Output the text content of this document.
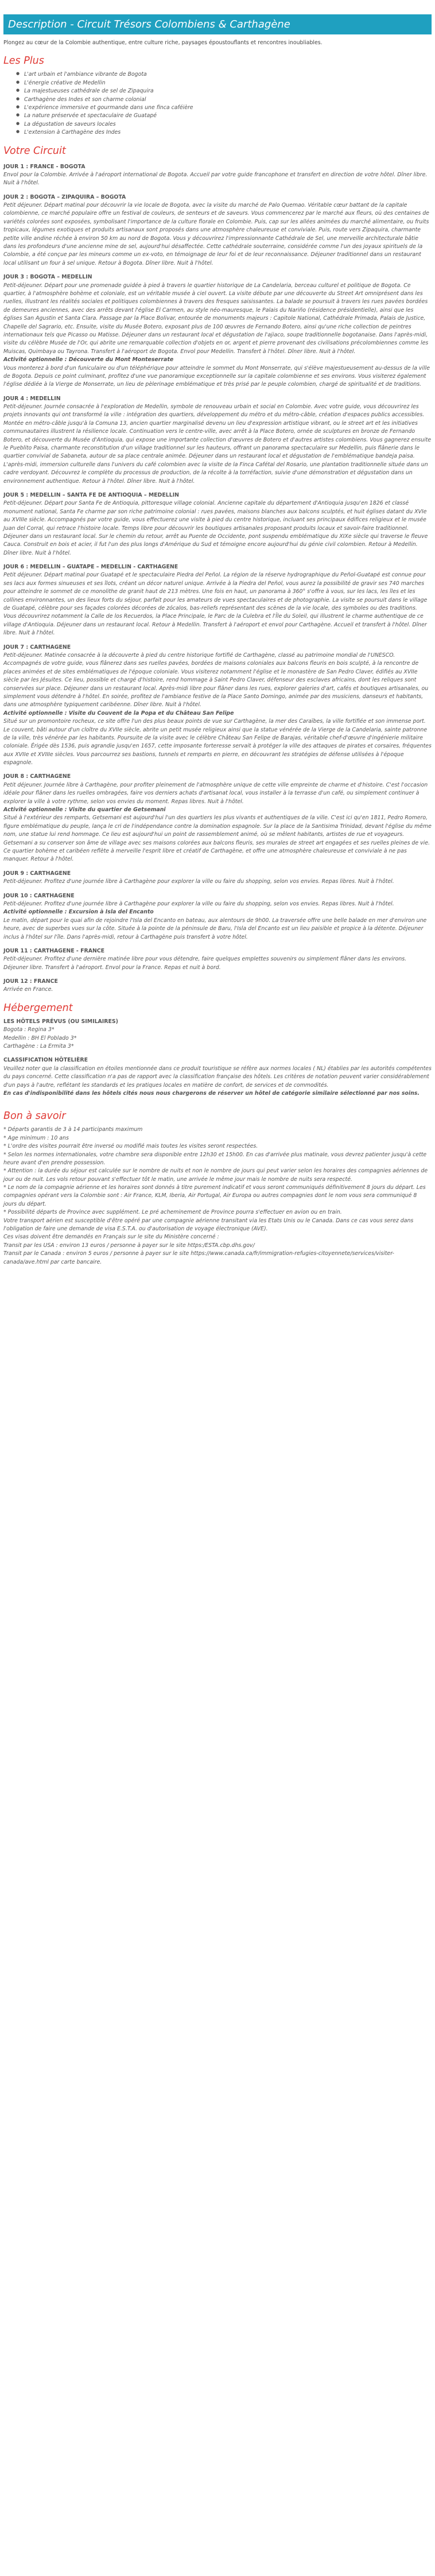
Description - Circuit Trésors Colombiens & Carthagène

Plongez au cœur de la Colombie authentique, entre culture riche, paysages époustouflants et rencontres inoubliables.

Les Plus
● L'art urbain et l'ambiance vibrante de Bogota
● L'énergie créative de Medellin
● La majestueuses cathédrale de sel de Zipaquira
● Carthagène des Indes et son charme colonial
● L'expérience immersive et gourmande dans une finca caféière
● La nature préservée et spectaculaire de Guatapé
● La dégustation de saveurs locales
● L'extension à Carthagène des Indes
Votre Circuit

JOUR 1 : FRANCE - BOGOTA

Envol pour la Colombie. Arrivée à l'aéroport international de Bogota. Accueil par votre guide francophone et transfert en direction de votre hôtel. Dîner libre. Nuit à l'hôtel.

JOUR 2 : BOGOTA – ZIPAQUIRA – BOGOTA

Petit déjeuner. Départ matinal pour découvrir la vie locale de Bogota, avec la visite du marché de Palo Quemao. Véritable cœur battant de la capitale colombienne, ce marché populaire offre un festival de couleurs, de senteurs et de saveurs. Vous commencerez par le marché aux fleurs, où des centaines de variétés colorées sont exposées, symbolisant l'importance de la culture florale en Colombie. Puis, cap sur les allées animées du marché alimentaire, ou fruits tropicaux, légumes exotiques et produits artisanaux sont proposés dans une atmosphère chaleureuse et conviviale. Puis, route vers Zipaquira, charmante petite ville andine réchée à environ 50 km au nord de Bogota. Vous y découvrirez l'impressionnante Cathédrale de Sel, une merveille architecturale bâtie dans les profondeurs d'une ancienne mine de sel, aujourd'hui désaffectée. Cette cathédrale souterraine, considérée comme l'un des joyaux spirituels de la Colombie, a été conçue par les mineurs comme un ex-voto, en témoignage de leur foi et de leur reconnaissance. Déjeuner traditionnel dans un restaurant local utilisant un four à sel unique. Retour à Bogota. Dîner libre. Nuit à l'hôtel.

JOUR 3 : BOGOTA – MEDELLIN

Petit-déjeuner. Départ pour une promenade guidée à pied à travers le quartier historique de La Candelaria, berceau culturel et politique de Bogota. Ce quartier, à l'atmosphère bohème et coloniale, est un véritable musée à ciel ouvert. La visite débute par une découverte du Street Art omniprésent dans les ruelles, illustrant les réalités sociales et politiques colombiennes à travers des fresques saisissantes. La balade se poursuit à travers les rues pavées bordées de demeures anciennes, avec des arrêts devant l'église El Carmen, au style néo-mauresque, le Palais du Nariño (résidence présidentielle), ainsi que les églises San Agustin et Santa Clara. Passage par la Place Bolivar, entourée de monuments majeurs : Capitole National, Cathédrale Primada, Palais de Justice, Chapelle del Sagrario, etc. Ensuite, visite du Musée Botero, exposant plus de 100 œuvres de Fernando Botero, ainsi qu'une riche collection de peintres internationaux tels que Picasso ou Matisse. Déjeuner dans un restaurant local et dégustation de l'ajiaco, soupe traditionnelle bogotanaise. Dans l'après-midi, visite du célèbre Musée de l'Or, qui abrite une remarquable collection d'objets en or, argent et pierre provenant des civilisations précolombiennes comme les Muiscas, Quimbaya ou Tayrona. Transfert à l'aéroport de Bogota. Envol pour Medellin. Transfert à l'hôtel. Dîner libre. Nuit à l'hôtel.

Activité optionnelle : Découverte du Mont Monteserrate

Vous monterez à bord d'un funiculaire ou d'un téléphérique pour atteindre le sommet du Mont Monserrate, qui s'élève majestueusement au-dessus de la ville de Bogota. Depuis ce point culminant, profitez d'une vue panoramique exceptionnelle sur la capitale colombienne et ses environs. Vous visiterez également l'église dédiée à la Vierge de Monserrate, un lieu de pèlerinage emblématique et très prisé par le peuple colombien, chargé de spiritualité et de traditions.

JOUR 4 : MEDELLIN

Petit-déjeuner. Journée consacrée à l'exploration de Medellin, symbole de renouveau urbain et social en Colombie. Avec votre guide, vous découvrirez les projets innovants qui ont transformé la ville : intégration des quartiers, développement du métro et du métro-câble, création d'espaces publics accessibles. Montée en métro-câble jusqu'à la Comuna 13, ancien quartier marginalisé devenu un lieu d'expression artistique vibrant, ou le street art et les initiatives communautaires illustrent la résilience locale. Continuation vers le centre-ville, avec arrêt à la Place Botero, ornée de sculptures en bronze de Fernando Botero, et découverte du Musée d'Antioquia, qui expose une importante collection d'œuvres de Botero et d'autres artistes colombiens. Vous gagnerez ensuite le Pueblito Paisa, charmante reconstitution d'un village traditionnel sur les hauteurs, offrant un panorama spectaculaire sur Medellin, puis flânerie dans le quartier convivial de Sabaneta, autour de sa place centrale animée. Déjeuner dans un restaurant local et dégustation de l'emblématique bandeja paisa. L'après-midi, immersion culturelle dans l'univers du café colombien avec la visite de la Finca Cafétal del Rosario, une plantation traditionnelle située dans un cadre verdoyant. Découvrez le complète du processus de production, de la récolte à la torréfaction, suivie d'une démonstration et dégustation dans un environnement authentique. Retour à l'hôtel. Dîner libre. Nuit à l'hôtel.

JOUR 5 : MEDELLIN – SANTA FE DE ANTIOQUIA – MEDELLIN

Petit-déjeuner. Départ pour Santa Fe de Antioquia, pittoresque village colonial. Ancienne capitale du département d'Antioquia jusqu'en 1826 et classé monument national, Santa Fe charme par son riche patrimoine colonial : rues pavées, maisons blanches aux balcons sculptés, et huit églises datant du XVIe au XVIIIe siècle. Accompagnés par votre guide, vous effectuerez une visite à pied du centre historique, incluant ses principaux édifices religieux et le musée Juan del Corral, qui retrace l'histoire locale. Temps libre pour découvrir les boutiques artisanales proposant produits locaux et savoir-faire traditionnel. Déjeuner dans un restaurant local. Sur le chemin du retour, arrêt au Puente de Occidente, pont suspendu emblématique du XIXe siècle qui traverse le fleuve Cauca. Construit en bois et acier, il fut l'un des plus longs d'Amérique du Sud et témoigne encore aujourd'hui du génie civil colombien. Retour à Medellin. Dîner libre. Nuit à l'hôtel.

JOUR 6 : MEDELLIN – GUATAPE – MEDELLIN - CARTHAGENE

Petit déjeuner. Départ matinal pour Guatapé et le spectaculaire Piedra del Peñol. La région de la réserve hydrographique du Peñol-Guatapé est connue pour ses lacs aux formes sinueuses et ses îlots, créant un décor naturel unique. Arrivée à la Piedra del Peñol, vous aurez la possibilité de gravir ses 740 marches pour atteindre le sommet de ce monolithe de granit haut de 213 mètres. Une fois en haut, un panorama à 360° s'offre à vous, sur les lacs, les îles et les collines environnantes, un des lieux forts du séjour, parfait pour les amateurs de vues spectaculaires et de photographie. La visite se poursuit dans le village de Guatapé, célèbre pour ses façades colorées décorées de zócalos, bas-reliefs représentant des scènes de la vie locale, des symboles ou des traditions. Vous découvrirez notamment la Calle de los Recuerdos, la Place Principale, le Parc de la Culebra et l'Île du Soleil, qui illustrent le charme authentique de ce village d'Antioquia. Déjeuner dans un restaurant local. Retour à Medellin. Transfert à l'aéroport et envol pour Carthagène. Accueil et transfert à l'hôtel. Dîner libre. Nuit à l'hôtel.

JOUR 7 : CARTHAGENE

Petit-déjeuner. Matinée consacrée à la découverte à pied du centre historique fortifié de Carthagène, classé au patrimoine mondial de l'UNESCO. Accompagnés de votre guide, vous flânerez dans ses ruelles pavées, bordées de maisons coloniales aux balcons fleuris en bois sculpté, à la rencontre de places animées et de sites emblématiques de l'époque coloniale. Vous visiterez notamment l'église et le monastère de San Pedro Claver, édifiés au XVIIe siècle par les Jésuites. Ce lieu, possible et chargé d'histoire, rend hommage à Saint Pedro Claver, défenseur des esclaves africains, dont les reliques sont conservées sur place. Déjeuner dans un restaurant local. Après-midi libre pour flâner dans les rues, explorer galeries d'art, cafés et boutiques artisanales, ou simplement vous détendre à l'hôtel. En soirée, profitez de l'ambiance festive de la Place Santo Domingo, animée par des musiciens, danseurs et habitants, dans une atmosphère typiquement caribéenne. Dîner libre. Nuit à l'hôtel.

Activité optionnelle : Visite du Couvent de la Popa et du Château San Felipe

Situé sur un promontoire rocheux, ce site offre l'un des plus beaux points de vue sur Carthagène, la mer des Caraïbes, la ville fortifiée et son immense port. Le couvent, bâti autour d'un cloître du XVIIe siècle, abrite un petit musée religieux ainsi que la statue vénérée de la Vierge de la Candelaria, sainte patronne de la ville, très vénérée par les habitants. Poursuite de la visite avec le célèbre Château San Felipe de Barajas, véritable chef-d'œuvre d'ingénierie militaire coloniale. Érigée dès 1536, puis agrandie jusqu'en 1657, cette imposante forteresse servait à protéger la ville des attaques de pirates et corsaires, fréquentes aux XVIIe et XVIIIe siècles. Vous parcourrez ses bastions, tunnels et remparts en pierre, en découvrant les stratégies de défense utilisées à l'époque espagnole.

JOUR 8 : CARTHAGENE

Petit déjeuner. Journée libre à Carthagène, pour profiter pleinement de l'atmosphère unique de cette ville empreinte de charme et d'histoire. C'est l'occasion idéale pour flâner dans les ruelles ombragées, faire vos derniers achats d'artisanat local, vous installer à la terrasse d'un café, ou simplement continuer à explorer la ville à votre rythme, selon vos envies du moment. Repas libres. Nuit à l'hôtel.

Activité optionnelle : Visite du quartier de Getsemani

Situé à l'extérieur des remparts, Getsemani est aujourd'hui l'un des quartiers les plus vivants et authentiques de la ville. C'est ici qu'en 1811, Pedro Romero, figure emblématique du peuple, lança le cri de l'indépendance contre la domination espagnole. Sur la place de la Santisima Trinidad, devant l'église du même nom, une statue lui rend hommage. Ce lieu est aujourd'hui un point de rassemblement animé, où se mêlent habitants, artistes de rue et voyageurs. Getsemani a su conserver son âme de village avec ses maisons colorées aux balcons fleuris, ses murales de street art engagées et ses ruelles pleines de vie. Ce quartier bohème et caribéen reflète à merveille l'esprit libre et créatif de Carthagène, et offre une atmosphère chaleureuse et conviviale à ne pas manquer. Retour à l'hôtel.

JOUR 9 : CARTHAGENE

Petit-déjeuner. Profitez d'une journée libre à Carthagène pour explorer la ville ou faire du shopping, selon vos envies. Repas libres. Nuit à l'hôtel.

JOUR 10 : CARTHAGENE

Petit-déjeuner. Profitez d'une journée libre à Carthagène pour explorer la ville ou faire du shopping, selon vos envies. Repas libres. Nuit à l'hôtel.

Activité optionnelle : Excursion à Isla del Encanto

Le matin, départ pour le quai afin de rejoindre l'Isla del Encanto en bateau, aux alentours de 9h00. La traversée offre une belle balade en mer d'environ une heure, avec de superbes vues sur la côte. Située à la pointe de la péninsule de Baru, l'Isla del Encanto est un lieu paisible et propice à la détente. Déjeuner inclus à l'hôtel sur l'île. Dans l'après-midi, retour à Carthagène puis transfert à votre hôtel.

JOUR 11 : CARTHAGENE - FRANCE

Petit-déjeuner. Profitez d'une dernière matinée libre pour vous détendre, faire quelques emplettes souvenirs ou simplement flâner dans les environs. Déjeuner libre. Transfert à l'aéroport. Envol pour la France. Repas et nuit à bord.

JOUR 12 : FRANCE

Arrivée en France.

Hébergement

LES HÔTELS PRÉVUS (OU SIMILAIRES)

Bogota : Regina 3*

Medellin : BH El Poblado 3*

Carthagène : La Ermita 3*

CLASSIFICATION HÔTELIÈRE

Veuillez noter que la classification en étoiles mentionnée dans ce produit touristique se réfère aux normes locales ( NL) établies par les autorités compétentes du pays concerné. Cette classification n'a pas de rapport avec la classification française des hôtels. Les critères de notation peuvent varier considérablement d'un pays à l'autre, reflétant les standards et les pratiques locales en matière de confort, de services et de commodités.

En cas d'indisponibilité dans les hôtels cités nous nous chargerons de réserver un hôtel de catégorie similaire sélectionné par nos soins.

Bon à savoir

* Départs garantis de 3 à 14 participants maximum

* Age minimum : 10 ans

* L'ordre des visites pourrait être inversé ou modifié mais toutes les visites seront respectées.

* Selon les normes internationales, votre chambre sera disponible entre 12h30 et 15h00. En cas d'arrivée plus matinale, vous devrez patienter jusqu'à cette heure avant d'en prendre possession.

* Attention : la durée du séjour est calculée sur le nombre de nuits et non le nombre de jours qui peut varier selon les horaires des compagnies aériennes de jour ou de nuit. Les vols retour pouvant s'effectuer tôt le matin, une arrivée le même jour mais le nombre de nuits sera respecté.

* Le nom de la compagnie aérienne et les horaires sont donnés à titre purement indicatif et vous seront communiqués définitivement 8 jours du départ. Les compagnies opérant vers la Colombie sont : Air France, KLM, Iberia, Air Portugal, Air Europa ou autres compagnies dont le nom vous sera communiqué 8 jours du départ.

* Possibilité départs de Province avec supplément. Le pré acheminement de Province pourra s'effectuer en avion ou en train.

Votre transport aérien est susceptible d'être opéré par une compagnie aérienne transitant via les Etats Unis ou le Canada. Dans ce cas vous serez dans l'obligation de faire une demande de visa E.S.T.A. ou d'autorisation de voyage électronique (AVE).

Ces visas doivent être demandés en Français sur le site du Ministère concerné :

Transit par les USA : environ 13 euros / personne à payer sur le site https:/ESTA.cbp.dhs.gov/

Transit par le Canada : environ 5 euros / personne à payer sur le site https://www.canada.ca/fr/immigration-refugies-citoyennete/services/visiter-canada/ave.html par carte bancaire.
